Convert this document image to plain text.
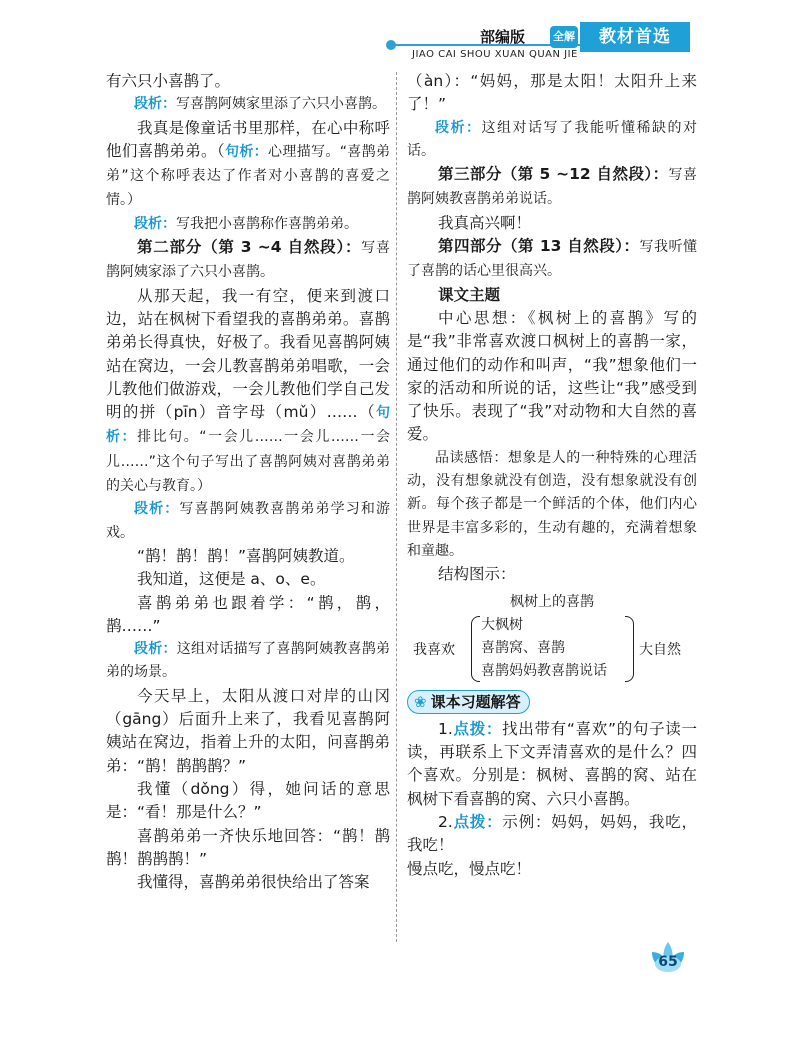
部编版	全解	教材首选
JIAO CAI SHOU XUAN QUAN JIE

有六只小喜鹊了。

段析：写喜鹊阿姨家里添了六只小喜鹊。

我真是像童话书里那样，在心中称呼他们喜鹊弟弟。（句析：心理描写。“喜鹊弟弟”这个称呼表达了作者对小喜鹊的喜爱之情。）

段析：写我把小喜鹊称作喜鹊弟弟。

第二部分（第 3 ~4 自然段）：写喜鹊阿姨家添了六只小喜鹊。

从那天起，我一有空，便来到渡口边，站在枫树下看望我的喜鹊弟弟。喜鹊弟弟长得真快，好极了。我看见喜鹊阿姨站在窝边，一会儿教喜鹊弟弟唱歌，一会儿教他们做游戏，一会儿教他们学自己发明的拼（pīn）音字母（mǔ）……（句析：排比句。“一会儿……一会儿……一会儿……”这个句子写出了喜鹊阿姨对喜鹊弟弟的关心与教育。）

段析：写喜鹊阿姨教喜鹊弟弟学习和游戏。

“鹊！鹊！鹊！”喜鹊阿姨教道。

我知道，这便是 a、o、e。

喜鹊弟弟也跟着学：“鹊，鹊，鹊……”

段析：这组对话描写了喜鹊阿姨教喜鹊弟弟的场景。

今天早上，太阳从渡口对岸的山冈（gāng）后面升上来了，我看见喜鹊阿姨站在窝边，指着上升的太阳，问喜鹊弟弟：“鹊！鹊鹊鹊？”

我懂（dǒng）得，她问话的意思是：“看！那是什么？”

喜鹊弟弟一齐快乐地回答：“鹊！鹊鹊！鹊鹊鹊！”

我懂得，喜鹊弟弟很快给出了答案

（àn）：“妈妈，那是太阳！太阳升上来了！”

段析：这组对话写了我能听懂稀缺的对话。

第三部分（第 5 ~12 自然段）：写喜鹊阿姨教喜鹊弟弟说话。

我真高兴啊！

第四部分（第 13 自然段）：写我听懂了喜鹊的话心里很高兴。

课文主题

中心思想：《枫树上的喜鹊》写的是“我”非常喜欢渡口枫树上的喜鹊一家，通过他们的动作和叫声，“我”想象他们一家的活动和所说的话，这些让“我”感受到了快乐。表现了“我”对动物和大自然的喜爱。

品读感悟：想象是人的一种特殊的心理活动，没有想象就没有创造，没有想象就没有创新。每个孩子都是一个鲜活的个体，他们内心世界是丰富多彩的，生动有趣的，充满着想象和童趣。

结构图示：

枫树上的喜鹊

我喜欢
大枫树
喜鹊窝、喜鹊
喜鹊妈妈教喜鹊说话
大自然
❀ 课本习题解答

1.点拨：找出带有“喜欢”的句子读一读，再联系上下文弄清喜欢的是什么？四个喜欢。分别是：枫树、喜鹊的窝、站在枫树下看喜鹊的窝、六只小喜鹊。

2.点拨：示例：妈妈，妈妈，我吃，我吃！

慢点吃，慢点吃！

65
